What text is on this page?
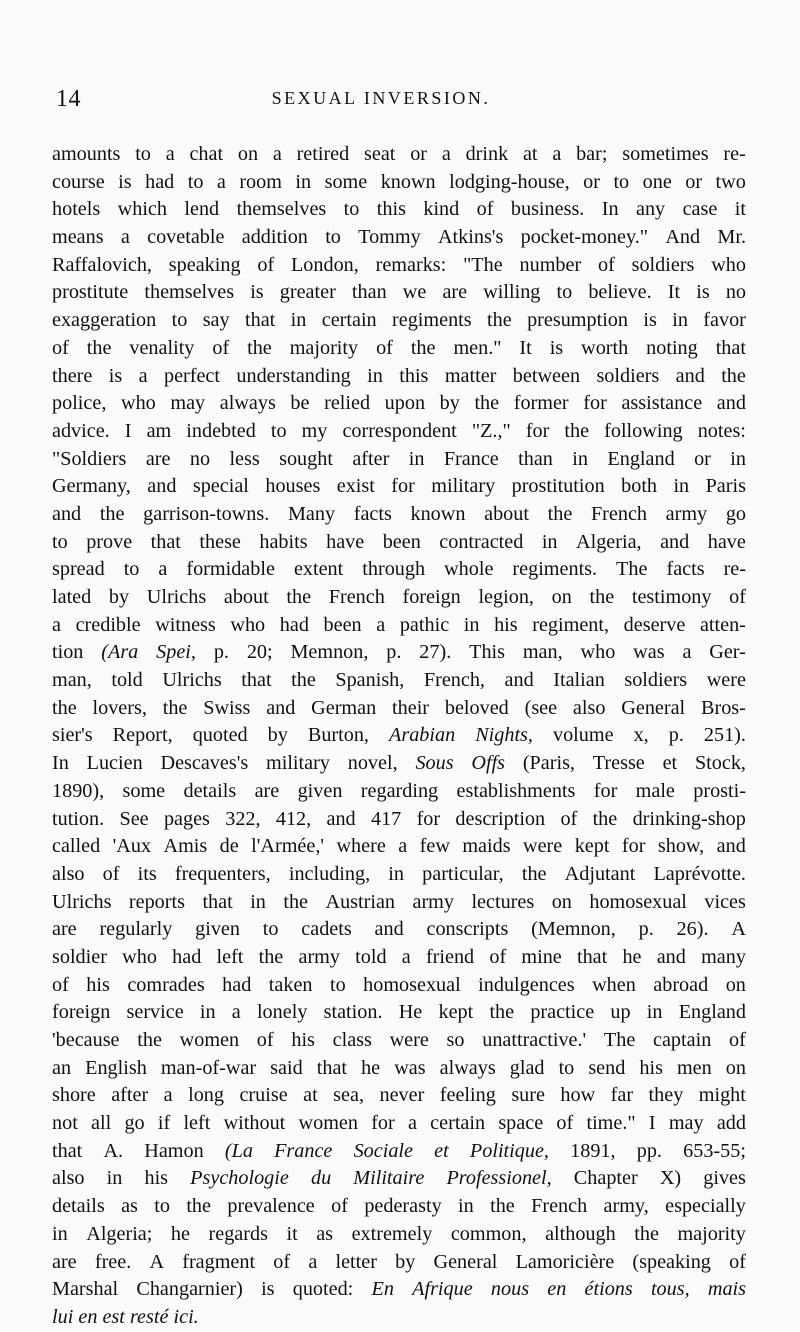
14	SEXUAL INVERSION.
amounts to a chat on a retired seat or a drink at a bar; sometimes re-
course is had to a room in some known lodging-house, or to one or two
hotels which lend themselves to this kind of business. In any case it
means a covetable addition to Tommy Atkins's pocket-money." And Mr.
Raffalovich, speaking of London, remarks: "The number of soldiers who
prostitute themselves is greater than we are willing to believe. It is no
exaggeration to say that in certain regiments the presumption is in favor
of the venality of the majority of the men." It is worth noting that
there is a perfect understanding in this matter between soldiers and the
police, who may always be relied upon by the former for assistance and
advice. I am indebted to my correspondent "Z.," for the following notes:
"Soldiers are no less sought after in France than in England or in
Germany, and special houses exist for military prostitution both in Paris
and the garrison-towns. Many facts known about the French army go
to prove that these habits have been contracted in Algeria, and have
spread to a formidable extent through whole regiments. The facts re-
lated by Ulrichs about the French foreign legion, on the testimony of
a credible witness who had been a pathic in his regiment, deserve atten-
tion (Ara Spei, p. 20; Memnon, p. 27). This man, who was a Ger-
man, told Ulrichs that the Spanish, French, and Italian soldiers were
the lovers, the Swiss and German their beloved (see also General Bros-
sier's Report, quoted by Burton, Arabian Nights, volume x, p. 251).
In Lucien Descaves's military novel, Sous Offs (Paris, Tresse et Stock,
1890), some details are given regarding establishments for male prosti-
tution. See pages 322, 412, and 417 for description of the drinking-shop
called 'Aux Amis de l'Armée,' where a few maids were kept for show, and
also of its frequenters, including, in particular, the Adjutant Laprévotte.
Ulrichs reports that in the Austrian army lectures on homosexual vices
are regularly given to cadets and conscripts (Memnon, p. 26). A
soldier who had left the army told a friend of mine that he and many
of his comrades had taken to homosexual indulgences when abroad on
foreign service in a lonely station. He kept the practice up in England
'because the women of his class were so unattractive.' The captain of
an English man-of-war said that he was always glad to send his men on
shore after a long cruise at sea, never feeling sure how far they might
not all go if left without women for a certain space of time." I may add
that A. Hamon (La France Sociale et Politique, 1891, pp. 653-55;
also in his Psychologie du Militaire Professionel, Chapter X) gives
details as to the prevalence of pederasty in the French army, especially
in Algeria; he regards it as extremely common, although the majority
are free. A fragment of a letter by General Lamoricière (speaking of
Marshal Changarnier) is quoted: En Afrique nous en étions tous, mais
lui
en
est
resté
ici.
